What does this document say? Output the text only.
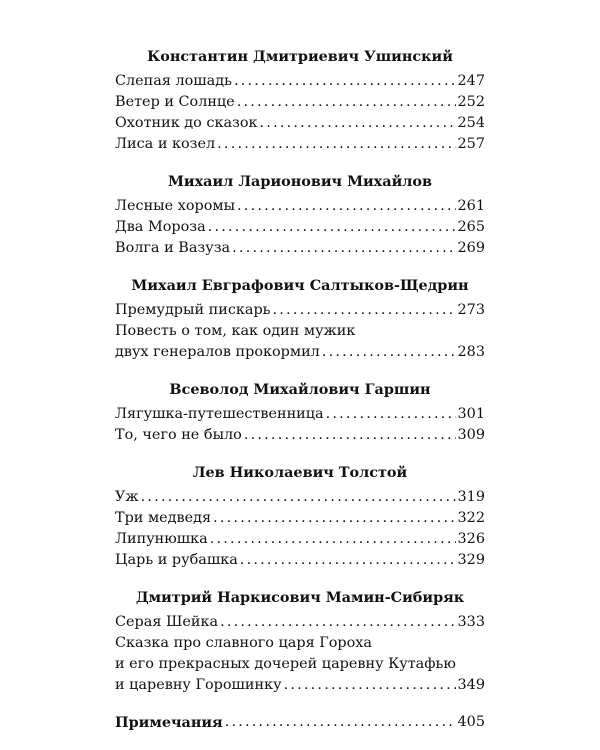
Константин Дмитриевич Ушинский
Слепая лошадь .....	247
Ветер и Солнце .....	252
Охотник до сказок .....	254
Лиса и козел .....	257
Михаил Ларионович Михайлов
Лесные хоромы .....	261
Два Мороза .....	265
Волга и Вазуза .....	269
Михаил Евграфович Салтыков-Щедрин
Премудрый пискарь .....	273
Повесть о том, как один мужик
двух генералов прокормил .....	283
Всеволод Михайлович Гаршин
Лягушка-путешественница .....	301
То, чего не было .....	309
Лев Николаевич Толстой
Уж .....	319
Три медведя .....	322
Липунюшка .....	326
Царь и рубашка .....	329
Дмитрий Наркисович Мамин-Сибиряк
Серая Шейка .....	333
Сказка про славного царя Гороха
и его прекрасных дочерей царевну Кутафью
и царевну Горошинку .....	349
Примечания .....	405
